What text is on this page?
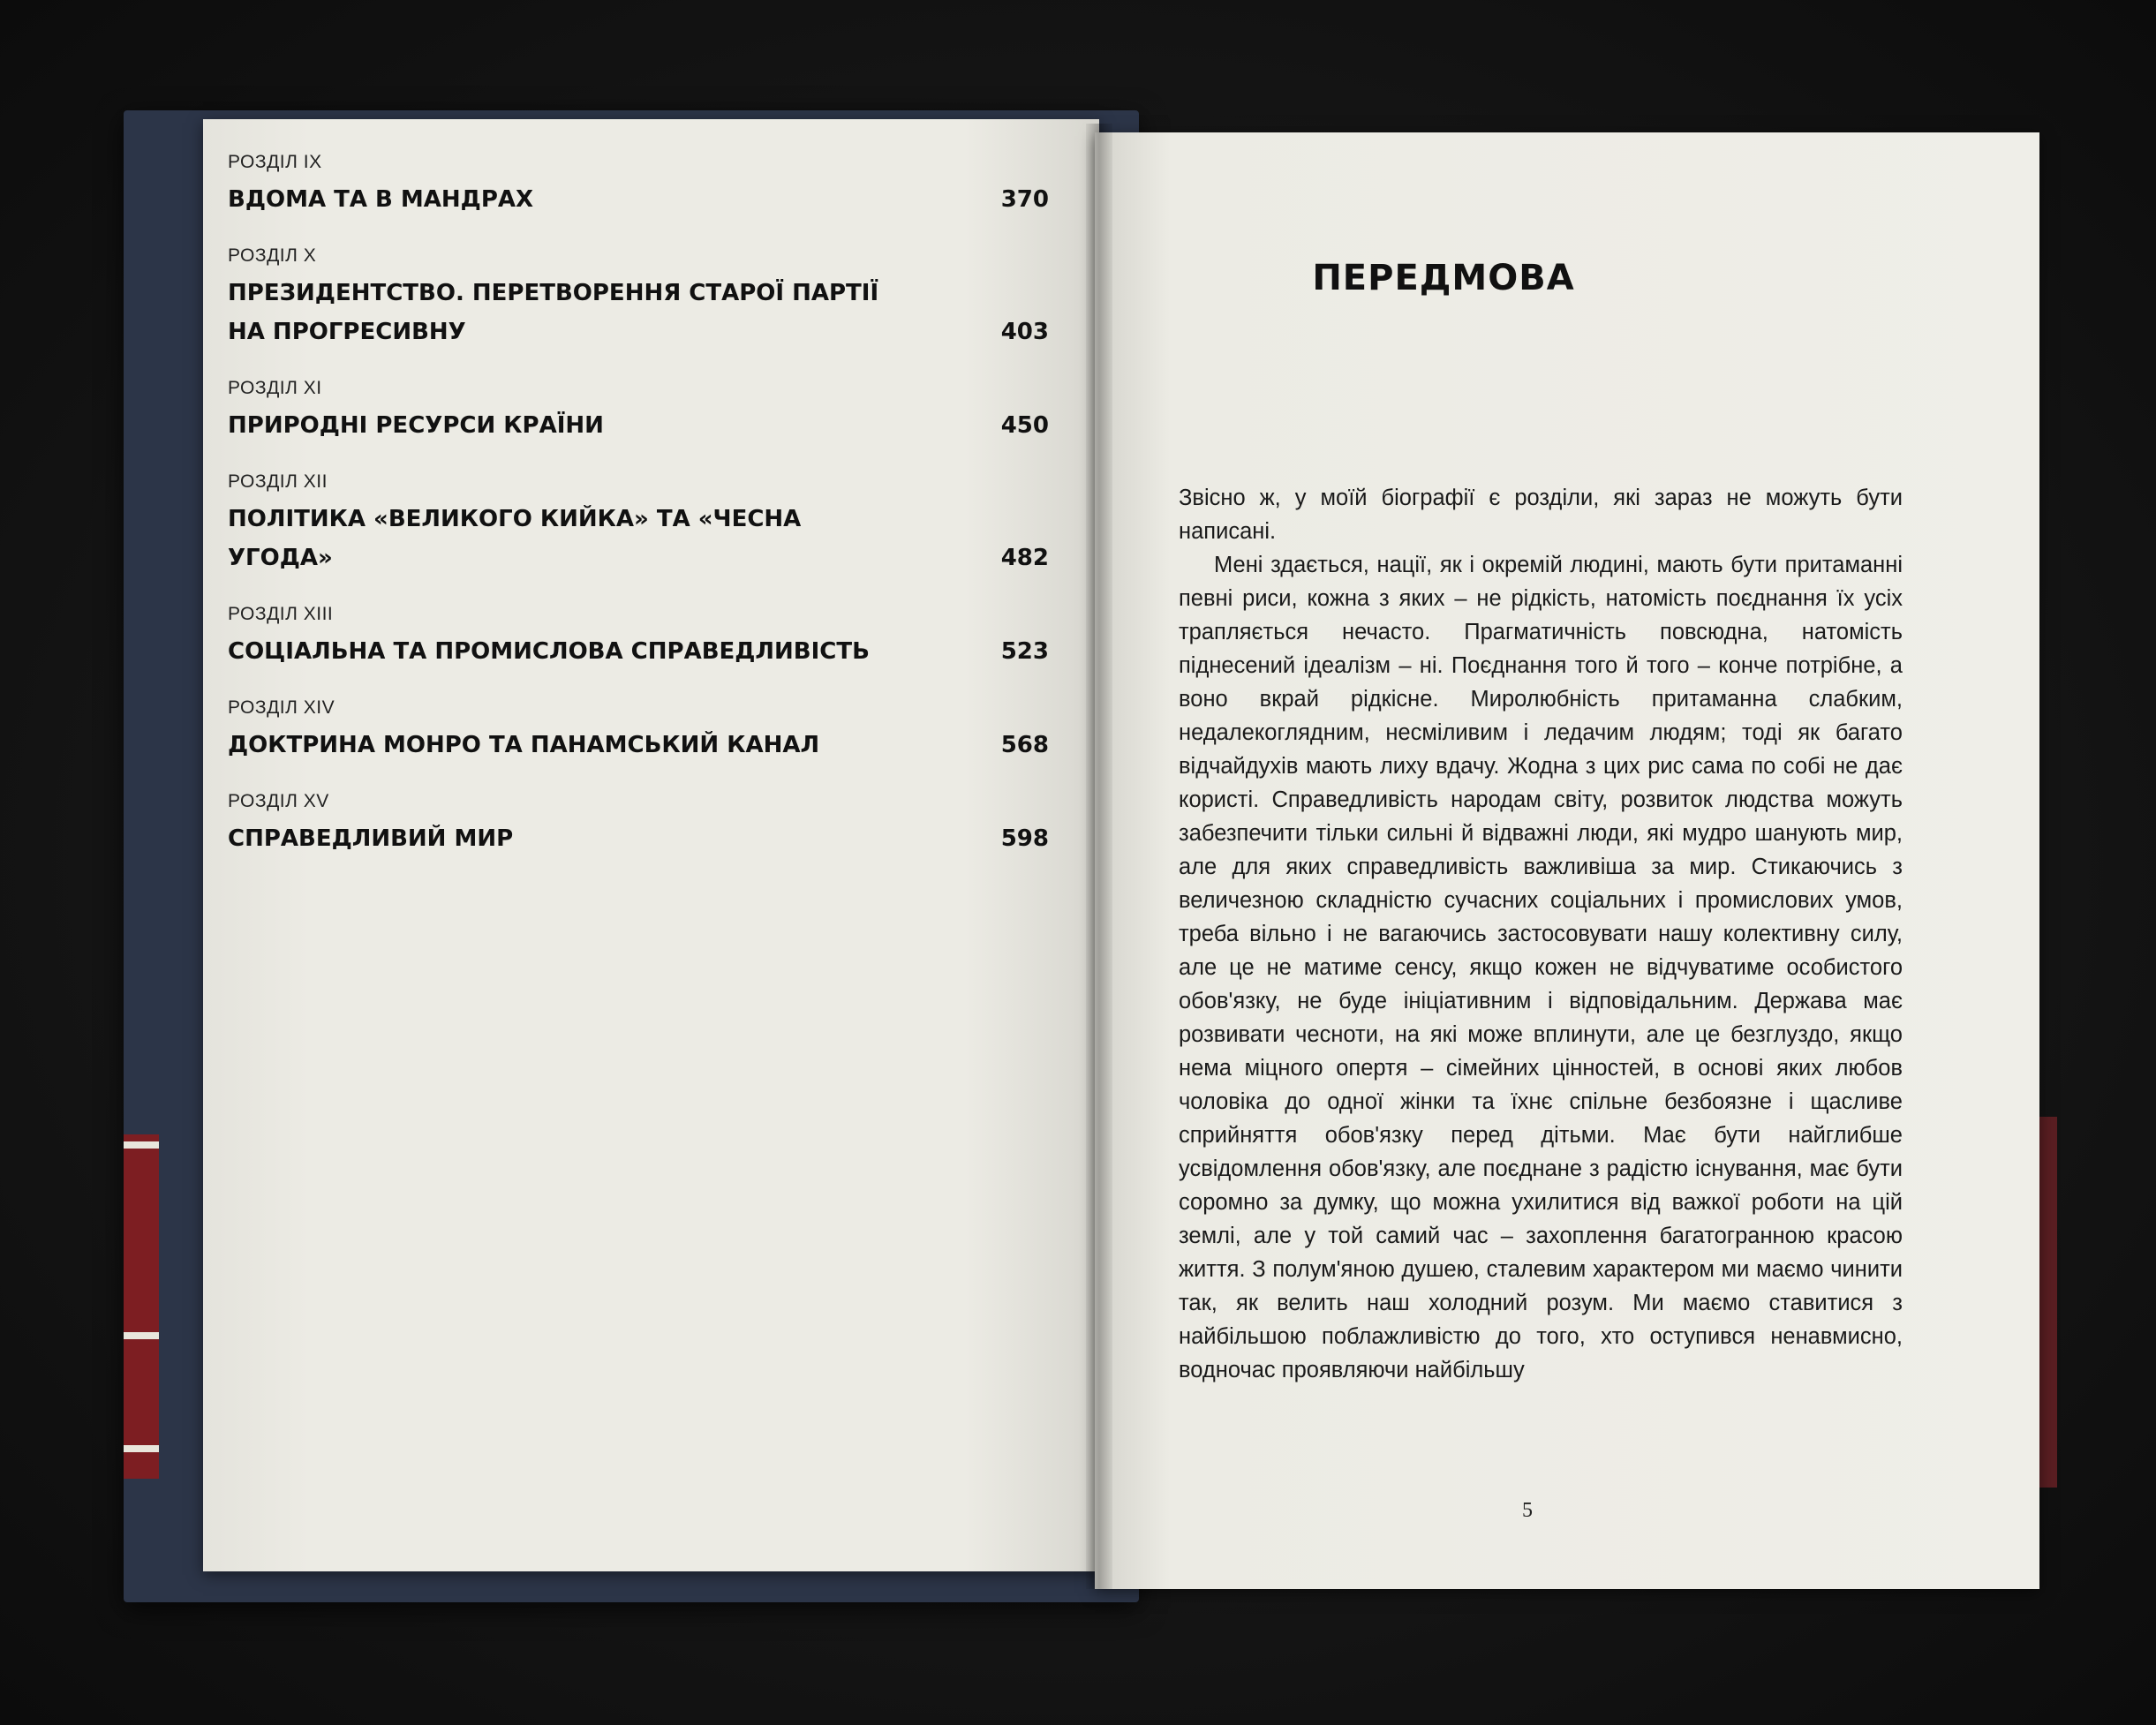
РОЗДІЛ IX
ВДОМА ТА В МАНДРАХ	370
РОЗДІЛ X
ПРЕЗИДЕНТСТВО. ПЕРЕТВОРЕННЯ СТАРОЇ ПАРТІЇ НА ПРОГРЕСИВНУ	403
РОЗДІЛ XI
ПРИРОДНІ РЕСУРСИ КРАЇНИ	450
РОЗДІЛ XII
ПОЛІТИКА «ВЕЛИКОГО КИЙКА» ТА «ЧЕСНА УГОДА»	482
РОЗДІЛ XIII
СОЦІАЛЬНА ТА ПРОМИСЛОВА СПРАВЕДЛИВІСТЬ	523
РОЗДІЛ XIV
ДОКТРИНА МОНРО ТА ПАНАМСЬКИЙ КАНАЛ	568
РОЗДІЛ XV
СПРАВЕДЛИВИЙ МИР	598
ПЕРЕДМОВА

Звісно ж, у моїй біографії є розділи, які зараз не можуть бути написані.

Мені здається, нації, як і окремій людині, мають бути притаманні певні риси, кожна з яких – не рідкість, натомість поєднання їх усіх трапляється нечасто. Прагматичність повсюдна, натомість піднесений ідеалізм – ні. Поєднання того й того – конче потрібне, а воно вкрай рідкісне. Миролюбність притаманна слабким, недалекоглядним, несміливим і ледачим людям; тоді як багато відчайдухів мають лиху вдачу. Жодна з цих рис сама по собі не дає користі. Справедливість народам світу, розвиток людства можуть забезпечити тільки сильні й відважні люди, які мудро шанують мир, але для яких справедливість важливіша за мир. Стикаючись з величезною складністю сучасних соціальних і промислових умов, треба вільно і не вагаючись застосовувати нашу колективну силу, але це не матиме сенсу, якщо кожен не відчуватиме особистого обов'язку, не буде ініціативним і відповідальним. Держава має розвивати чесноти, на які може вплинути, але це безглуздо, якщо нема міцного опертя – сімейних цінностей, в основі яких любов чоловіка до одної жінки та їхнє спільне безбоязне і щасливе сприйняття обов'язку перед дітьми. Має бути найглибше усвідомлення обов'язку, але поєднане з радістю існування, має бути соромно за думку, що можна ухилитися від важкої роботи на цій землі, але у той самий час – захоплення багатогранною красою життя. З полум'яною душею, сталевим характером ми маємо чинити так, як велить наш холодний розум. Ми маємо ставитися з найбільшою поблажливістю до того, хто оступився ненавмисно, водночас проявляючи найбільшу

5
